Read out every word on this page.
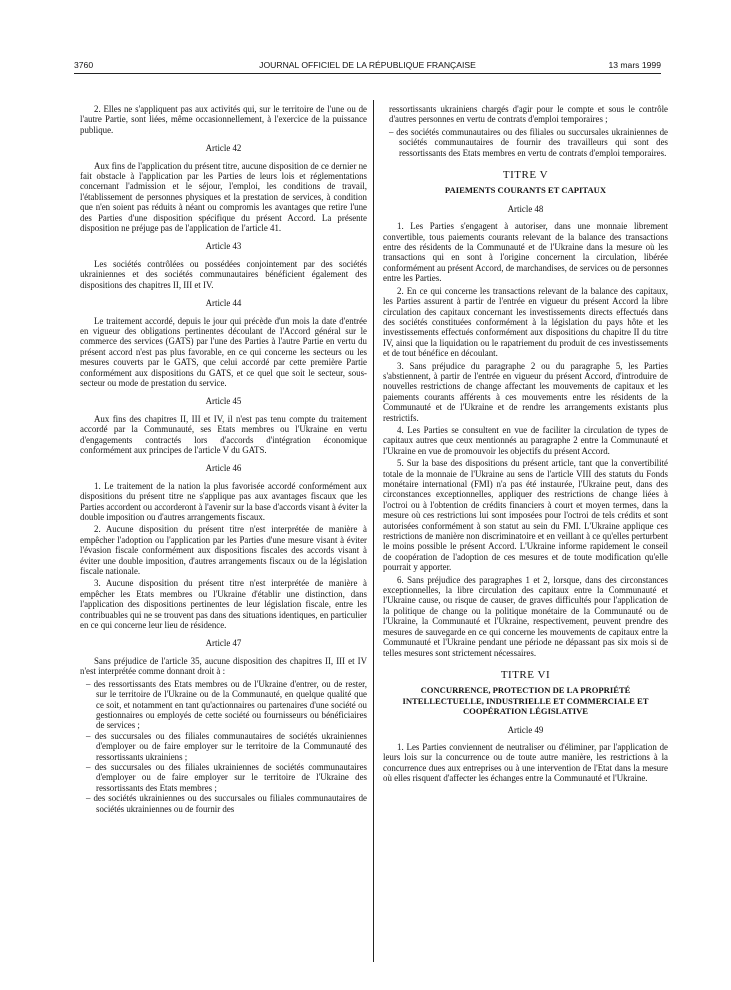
3760	JOURNAL OFFICIEL DE LA RÉPUBLIQUE FRANÇAISE	13 mars 1999

2. Elles ne s'appliquent pas aux activités qui, sur le territoire de l'une ou de l'autre Partie, sont liées, même occasionnellement, à l'exercice de la puissance publique.

Article 42

Aux fins de l'application du présent titre, aucune disposition de ce dernier ne fait obstacle à l'application par les Parties de leurs lois et réglementations concernant l'admission et le séjour, l'emploi, les conditions de travail, l'établissement de personnes physiques et la prestation de services, à condition que n'en soient pas réduits à néant ou compromis les avantages que retire l'une des Parties d'une disposition spécifique du présent Accord. La présente disposition ne préjuge pas de l'application de l'article 41.

Article 43

Les sociétés contrôlées ou possédées conjointement par des sociétés ukrainiennes et des sociétés communautaires bénéficient également des dispositions des chapitres II, III et IV.

Article 44

Le traitement accordé, depuis le jour qui précède d'un mois la date d'entrée en vigueur des obligations pertinentes découlant de l'Accord général sur le commerce des services (GATS) par l'une des Parties à l'autre Partie en vertu du présent accord n'est pas plus favorable, en ce qui concerne les secteurs ou les mesures couverts par le GATS, que celui accordé par cette première Partie conformément aux dispositions du GATS, et ce quel que soit le secteur, sous-secteur ou mode de prestation du service.

Article 45

Aux fins des chapitres II, III et IV, il n'est pas tenu compte du traitement accordé par la Communauté, ses Etats membres ou l'Ukraine en vertu d'engagements contractés lors d'accords d'intégration économique conformément aux principes de l'article V du GATS.

Article 46

1. Le traitement de la nation la plus favorisée accordé conformément aux dispositions du présent titre ne s'applique pas aux avantages fiscaux que les Parties accordent ou accorderont à l'avenir sur la base d'accords visant à éviter la double imposition ou d'autres arrangements fiscaux.

2. Aucune disposition du présent titre n'est interprétée de manière à empêcher l'adoption ou l'application par les Parties d'une mesure visant à éviter l'évasion fiscale conformément aux dispositions fiscales des accords visant à éviter une double imposition, d'autres arrangements fiscaux ou de la législation fiscale nationale.

3. Aucune disposition du présent titre n'est interprétée de manière à empêcher les Etats membres ou l'Ukraine d'établir une distinction, dans l'application des dispositions pertinentes de leur législation fiscale, entre les contribuables qui ne se trouvent pas dans des situations identiques, en particulier en ce qui concerne leur lieu de résidence.

Article 47

Sans préjudice de l'article 35, aucune disposition des chapitres II, III et IV n'est interprétée comme donnant droit à :

– des ressortissants des Etats membres ou de l'Ukraine d'entrer, ou de rester, sur le territoire de l'Ukraine ou de la Communauté, en quelque qualité que ce soit, et notamment en tant qu'actionnaires ou partenaires d'une société ou gestionnaires ou employés de cette société ou fournisseurs ou bénéficiaires de services ;
– des succursales ou des filiales communautaires de sociétés ukrainiennes d'employer ou de faire employer sur le territoire de la Communauté des ressortissants ukrainiens ;
– des succursales ou des filiales ukrainiennes de sociétés communautaires d'employer ou de faire employer sur le territoire de l'Ukraine des ressortissants des Etats membres ;
– des sociétés ukrainiennes ou des succursales ou filiales communautaires de sociétés ukrainiennes ou de fournir des

ressortissants ukrainiens chargés d'agir pour le compte et sous le contrôle d'autres personnes en vertu de contrats d'emploi temporaires ;

– des sociétés communautaires ou des filiales ou succursales ukrainiennes de sociétés communautaires de fournir des travailleurs qui sont des ressortissants des Etats membres en vertu de contrats d'emploi temporaires.
TITRE V
PAIEMENTS COURANTS ET CAPITAUX
Article 48

1. Les Parties s'engagent à autoriser, dans une monnaie librement convertible, tous paiements courants relevant de la balance des transactions entre des résidents de la Communauté et de l'Ukraine dans la mesure où les transactions qui en sont à l'origine concernent la circulation, libérée conformément au présent Accord, de marchandises, de services ou de personnes entre les Parties.

2. En ce qui concerne les transactions relevant de la balance des capitaux, les Parties assurent à partir de l'entrée en vigueur du présent Accord la libre circulation des capitaux concernant les investissements directs effectués dans des sociétés constituées conformément à la législation du pays hôte et les investissements effectués conformément aux dispositions du chapitre II du titre IV, ainsi que la liquidation ou le rapatriement du produit de ces investissements et de tout bénéfice en découlant.

3. Sans préjudice du paragraphe 2 ou du paragraphe 5, les Parties s'abstiennent, à partir de l'entrée en vigueur du présent Accord, d'introduire de nouvelles restrictions de change affectant les mouvements de capitaux et les paiements courants afférents à ces mouvements entre les résidents de la Communauté et de l'Ukraine et de rendre les arrangements existants plus restrictifs.

4. Les Parties se consultent en vue de faciliter la circulation de types de capitaux autres que ceux mentionnés au paragraphe 2 entre la Communauté et l'Ukraine en vue de promouvoir les objectifs du présent Accord.

5. Sur la base des dispositions du présent article, tant que la convertibilité totale de la monnaie de l'Ukraine au sens de l'article VIII des statuts du Fonds monétaire international (FMI) n'a pas été instaurée, l'Ukraine peut, dans des circonstances exceptionnelles, appliquer des restrictions de change liées à l'octroi ou à l'obtention de crédits financiers à court et moyen termes, dans la mesure où ces restrictions lui sont imposées pour l'octroi de tels crédits et sont autorisées conformément à son statut au sein du FMI. L'Ukraine applique ces restrictions de manière non discriminatoire et en veillant à ce qu'elles perturbent le moins possible le présent Accord. L'Ukraine informe rapidement le conseil de coopération de l'adoption de ces mesures et de toute modification qu'elle pourrait y apporter.

6. Sans préjudice des paragraphes 1 et 2, lorsque, dans des circonstances exceptionnelles, la libre circulation des capitaux entre la Communauté et l'Ukraine cause, ou risque de causer, de graves difficultés pour l'application de la politique de change ou la politique monétaire de la Communauté ou de l'Ukraine, la Communauté et l'Ukraine, respectivement, peuvent prendre des mesures de sauvegarde en ce qui concerne les mouvements de capitaux entre la Communauté et l'Ukraine pendant une période ne dépassant pas six mois si de telles mesures sont strictement nécessaires.

TITRE VI
CONCURRENCE, PROTECTION DE LA PROPRIÉTÉ INTELLECTUELLE, INDUSTRIELLE ET COMMERCIALE ET COOPÉRATION LÉGISLATIVE
Article 49

1. Les Parties conviennent de neutraliser ou d'éliminer, par l'application de leurs lois sur la concurrence ou de toute autre manière, les restrictions à la concurrence dues aux entreprises ou à une intervention de l'Etat dans la mesure où elles risquent d'affecter les échanges entre la Communauté et l'Ukraine.
